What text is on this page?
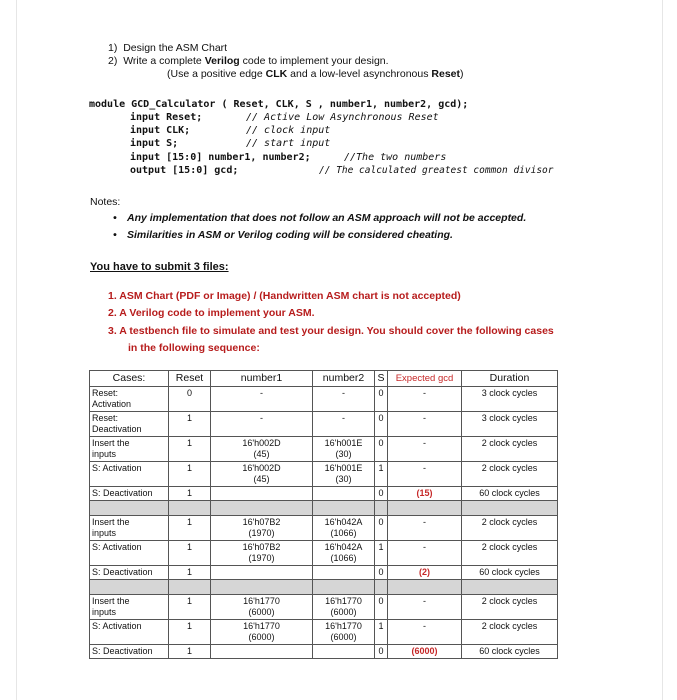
1) Design the ASM Chart
2) Write a complete Verilog code to implement your design.
(Use a positive edge CLK and a low-level asynchronous Reset)
module GCD_Calculator ( Reset, CLK, S , number1, number2, gcd);
input Reset;	// Active Low Asynchronous Reset
input CLK;	// clock input
input S;	// start input
input [15:0] number1, number2;	//The two numbers
output [15:0] gcd;	// The calculated greatest common divisor
Notes:
• Any implementation that does not follow an ASM approach will not be accepted.
• Similarities in ASM or Verilog coding will be considered cheating.
You have to submit 3 files:
1. ASM Chart (PDF or Image) / (Handwritten ASM chart is not accepted)
2. A Verilog code to implement your ASM.
3. A testbench file to simulate and test your design. You should cover the following cases
in the following sequence:
Cases:	Reset	number1	number2	S	Expected gcd	Duration
Reset:
Activation	0	-	-	0	-	3 clock cycles
Reset:
Deactivation	1	-	-	0	-	3 clock cycles
Insert the
inputs	1	16'h002D
(45)	16'h001E
(30)	0	-	2 clock cycles
S: Activation	1	16'h002D
(45)	16'h001E
(30)	1	-	2 clock cycles
S: Deactivation	1			0	(15)	60 clock cycles

Insert the
inputs	1	16'h07B2
(1970)	16'h042A
(1066)	0	-	2 clock cycles
S: Activation	1	16'h07B2
(1970)	16'h042A
(1066)	1	-	2 clock cycles
S: Deactivation	1			0	(2)	60 clock cycles

Insert the
inputs	1	16'h1770
(6000)	16'h1770
(6000)	0	-	2 clock cycles
S: Activation	1	16'h1770
(6000)	16'h1770
(6000)	1	-	2 clock cycles
S: Deactivation	1			0	(6000)	60 clock cycles
